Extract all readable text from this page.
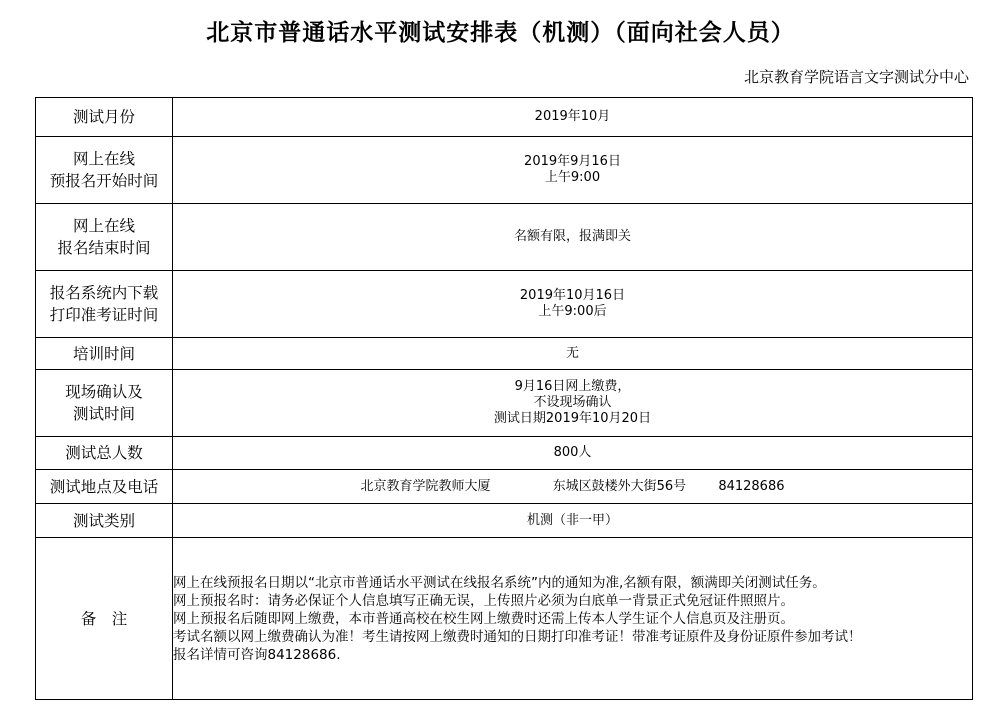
北京市普通话水平测试安排表（机测）（面向社会人员）
北京教育学院语言文字测试分中心
测试月份	2019年10月

网上在线
预报名开始时间	2019年9月16日
上午9:00

网上在线
报名结束时间	名额有限，报满即关

报名系统内下载
打印准考证时间	2019年10月16日
上午9:00后

培训时间	无

现场确认及
测试时间	9月16日网上缴费，
不设现场确认
测试日期2019年10月20日

测试总人数	800人
测试地点及电话	北京教育学院教师大厦 东城区鼓楼外大街56号 84128686
测试类别	机测（非一甲）
备　注	网上在线预报名日期以“北京市普通话水平测试在线报名系统”内的通知为准,名额有限，额满即关闭测试任务。
网上预报名时：请务必保证个人信息填写正确无误，上传照片必须为白底单一背景正式免冠证件照照片。
网上预报名后随即网上缴费，本市普通高校在校生网上缴费时还需上传本人学生证个人信息页及注册页。
考试名额以网上缴费确认为准！考生请按网上缴费时通知的日期打印准考证！带准考证原件及身份证原件参加考试！
报名详情可咨询84128686.
